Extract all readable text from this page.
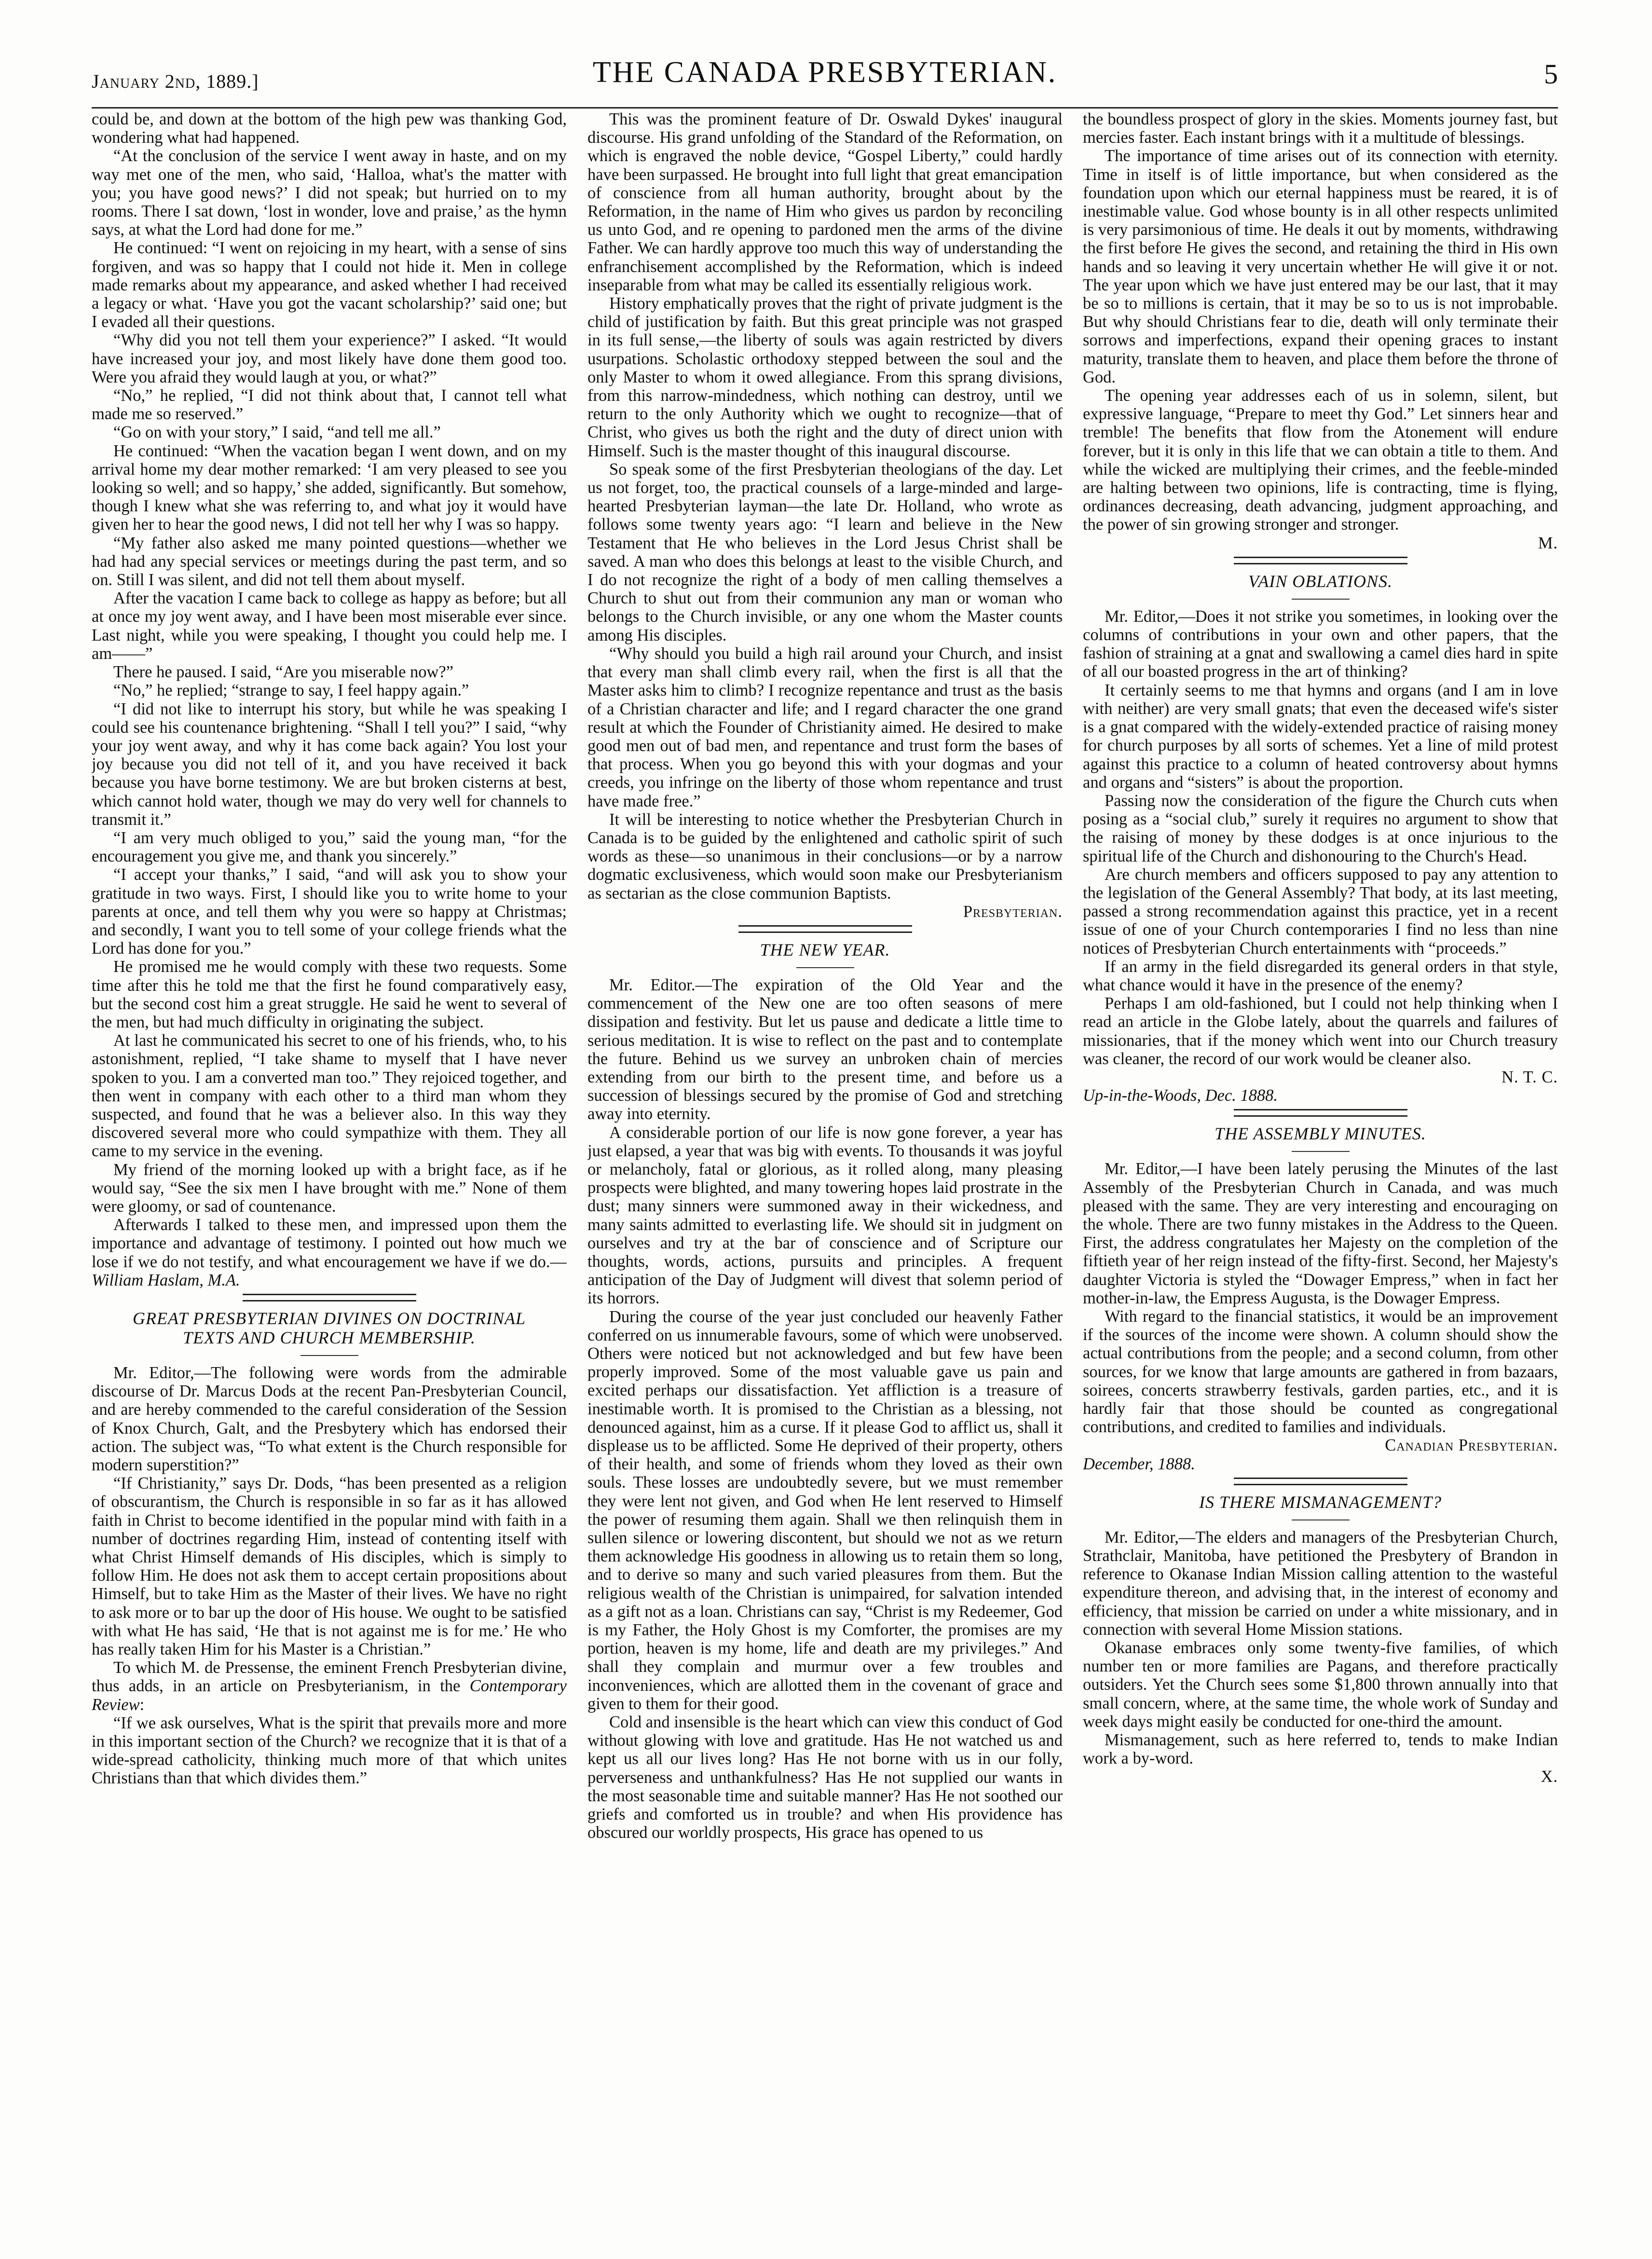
January 2nd, 1889.]	THE CANADA PRESBYTERIAN.	5

could be, and down at the bottom of the high pew was thanking God, wondering what had happened.

“At the conclusion of the service I went away in haste, and on my way met one of the men, who said, ‘Halloa, what's the matter with you; you have good news?’ I did not speak; but hurried on to my rooms. There I sat down, ‘lost in wonder, love and praise,’ as the hymn says, at what the Lord had done for me.”

He continued: “I went on rejoicing in my heart, with a sense of sins forgiven, and was so happy that I could not hide it. Men in college made remarks about my appearance, and asked whether I had received a legacy or what. ‘Have you got the vacant scholarship?’ said one; but I evaded all their questions.

“Why did you not tell them your experience?” I asked. “It would have increased your joy, and most likely have done them good too. Were you afraid they would laugh at you, or what?”

“No,” he replied, “I did not think about that, I cannot tell what made me so reserved.”

“Go on with your story,” I said, “and tell me all.”

He continued: “When the vacation began I went down, and on my arrival home my dear mother remarked: ‘I am very pleased to see you looking so well; and so happy,’ she added, significantly. But somehow, though I knew what she was referring to, and what joy it would have given her to hear the good news, I did not tell her why I was so happy.

“My father also asked me many pointed questions—whether we had had any special services or meetings during the past term, and so on. Still I was silent, and did not tell them about myself.

After the vacation I came back to college as happy as before; but all at once my joy went away, and I have been most miserable ever since. Last night, while you were speaking, I thought you could help me. I am——”

There he paused. I said, “Are you miserable now?”

“No,” he replied; “strange to say, I feel happy again.”

“I did not like to interrupt his story, but while he was speaking I could see his countenance brightening. “Shall I tell you?” I said, “why your joy went away, and why it has come back again? You lost your joy because you did not tell of it, and you have received it back because you have borne testimony. We are but broken cisterns at best, which cannot hold water, though we may do very well for channels to transmit it.”

“I am very much obliged to you,” said the young man, “for the encouragement you give me, and thank you sincerely.”

“I accept your thanks,” I said, “and will ask you to show your gratitude in two ways. First, I should like you to write home to your parents at once, and tell them why you were so happy at Christmas; and secondly, I want you to tell some of your college friends what the Lord has done for you.”

He promised me he would comply with these two requests. Some time after this he told me that the first he found comparatively easy, but the second cost him a great struggle. He said he went to several of the men, but had much difficulty in originating the subject.

At last he communicated his secret to one of his friends, who, to his astonishment, replied, “I take shame to myself that I have never spoken to you. I am a converted man too.” They rejoiced together, and then went in company with each other to a third man whom they suspected, and found that he was a believer also. In this way they discovered several more who could sympathize with them. They all came to my service in the evening.

My friend of the morning looked up with a bright face, as if he would say, “See the six men I have brought with me.” None of them were gloomy, or sad of countenance.

Afterwards I talked to these men, and impressed upon them the importance and advantage of testimony. I pointed out how much we lose if we do not testify, and what encouragement we have if we do.—William Haslam, M.A.

GREAT PRESBYTERIAN DIVINES ON DOCTRINAL TEXTS AND CHURCH MEMBERSHIP.

Mr. Editor,—The following were words from the admirable discourse of Dr. Marcus Dods at the recent Pan-Presbyterian Council, and are hereby commended to the careful consideration of the Session of Knox Church, Galt, and the Presbytery which has endorsed their action. The subject was, “To what extent is the Church responsible for modern superstition?”

“If Christianity,” says Dr. Dods, “has been presented as a religion of obscurantism, the Church is responsible in so far as it has allowed faith in Christ to become identified in the popular mind with faith in a number of doctrines regarding Him, instead of contenting itself with what Christ Himself demands of His disciples, which is simply to follow Him. He does not ask them to accept certain propositions about Himself, but to take Him as the Master of their lives. We have no right to ask more or to bar up the door of His house. We ought to be satisfied with what He has said, ‘He that is not against me is for me.’ He who has really taken Him for his Master is a Christian.”

To which M. de Pressense, the eminent French Presbyterian divine, thus adds, in an article on Presbyterianism, in the Contemporary Review:

“If we ask ourselves, What is the spirit that prevails more and more in this important section of the Church? we recognize that it is that of a wide-spread catholicity, thinking much more of that which unites Christians than that which divides them.”

This was the prominent feature of Dr. Oswald Dykes' inaugural discourse. His grand unfolding of the Standard of the Reformation, on which is engraved the noble device, “Gospel Liberty,” could hardly have been surpassed. He brought into full light that great emancipation of conscience from all human authority, brought about by the Reformation, in the name of Him who gives us pardon by reconciling us unto God, and re opening to pardoned men the arms of the divine Father. We can hardly approve too much this way of understanding the enfranchisement accomplished by the Reformation, which is indeed inseparable from what may be called its essentially religious work.

History emphatically proves that the right of private judgment is the child of justification by faith. But this great principle was not grasped in its full sense,—the liberty of souls was again restricted by divers usurpations. Scholastic orthodoxy stepped between the soul and the only Master to whom it owed allegiance. From this sprang divisions, from this narrow-mindedness, which nothing can destroy, until we return to the only Authority which we ought to recognize—that of Christ, who gives us both the right and the duty of direct union with Himself. Such is the master thought of this inaugural discourse.

So speak some of the first Presbyterian theologians of the day. Let us not forget, too, the practical counsels of a large-minded and large-hearted Presbyterian layman—the late Dr. Holland, who wrote as follows some twenty years ago: “I learn and believe in the New Testament that He who believes in the Lord Jesus Christ shall be saved. A man who does this belongs at least to the visible Church, and I do not recognize the right of a body of men calling themselves a Church to shut out from their communion any man or woman who belongs to the Church invisible, or any one whom the Master counts among His disciples.

“Why should you build a high rail around your Church, and insist that every man shall climb every rail, when the first is all that the Master asks him to climb? I recognize repentance and trust as the basis of a Christian character and life; and I regard character the one grand result at which the Founder of Christianity aimed. He desired to make good men out of bad men, and repentance and trust form the bases of that process. When you go beyond this with your dogmas and your creeds, you infringe on the liberty of those whom repentance and trust have made free.”

It will be interesting to notice whether the Presbyterian Church in Canada is to be guided by the enlightened and catholic spirit of such words as these—so unanimous in their conclusions—or by a narrow dogmatic exclusiveness, which would soon make our Presbyterianism as sectarian as the close communion Baptists.

Presbyterian.

THE NEW YEAR.

Mr. Editor.—The expiration of the Old Year and the commencement of the New one are too often seasons of mere dissipation and festivity. But let us pause and dedicate a little time to serious meditation. It is wise to reflect on the past and to contemplate the future. Behind us we survey an unbroken chain of mercies extending from our birth to the present time, and before us a succession of blessings secured by the promise of God and stretching away into eternity.

A considerable portion of our life is now gone forever, a year has just elapsed, a year that was big with events. To thousands it was joyful or melancholy, fatal or glorious, as it rolled along, many pleasing prospects were blighted, and many towering hopes laid prostrate in the dust; many sinners were summoned away in their wickedness, and many saints admitted to everlasting life. We should sit in judgment on ourselves and try at the bar of conscience and of Scripture our thoughts, words, actions, pursuits and principles. A frequent anticipation of the Day of Judgment will divest that solemn period of its horrors.

During the course of the year just concluded our heavenly Father conferred on us innumerable favours, some of which were unobserved. Others were noticed but not acknowledged and but few have been properly improved. Some of the most valuable gave us pain and excited perhaps our dissatisfaction. Yet affliction is a treasure of inestimable worth. It is promised to the Christian as a blessing, not denounced against, him as a curse. If it please God to afflict us, shall it displease us to be afflicted. Some He deprived of their property, others of their health, and some of friends whom they loved as their own souls. These losses are undoubtedly severe, but we must remember they were lent not given, and God when He lent reserved to Himself the power of resuming them again. Shall we then relinquish them in sullen silence or lowering discontent, but should we not as we return them acknowledge His goodness in allowing us to retain them so long, and to derive so many and such varied pleasures from them. But the religious wealth of the Christian is unimpaired, for salvation intended as a gift not as a loan. Christians can say, “Christ is my Redeemer, God is my Father, the Holy Ghost is my Comforter, the promises are my portion, heaven is my home, life and death are my privileges.” And shall they complain and murmur over a few troubles and inconveniences, which are allotted them in the covenant of grace and given to them for their good.

Cold and insensible is the heart which can view this conduct of God without glowing with love and gratitude. Has He not watched us and kept us all our lives long? Has He not borne with us in our folly, perverseness and unthankfulness? Has He not supplied our wants in the most seasonable time and suitable manner? Has He not soothed our griefs and comforted us in trouble? and when His providence has obscured our worldly prospects, His grace has opened to us

the boundless prospect of glory in the skies. Moments journey fast, but mercies faster. Each instant brings with it a multitude of blessings.

The importance of time arises out of its connection with eternity. Time in itself is of little importance, but when considered as the foundation upon which our eternal happiness must be reared, it is of inestimable value. God whose bounty is in all other respects unlimited is very parsimonious of time. He deals it out by moments, withdrawing the first before He gives the second, and retaining the third in His own hands and so leaving it very uncertain whether He will give it or not. The year upon which we have just entered may be our last, that it may be so to millions is certain, that it may be so to us is not improbable. But why should Christians fear to die, death will only terminate their sorrows and imperfections, expand their opening graces to instant maturity, translate them to heaven, and place them before the throne of God.

The opening year addresses each of us in solemn, silent, but expressive language, “Prepare to meet thy God.” Let sinners hear and tremble! The benefits that flow from the Atonement will endure forever, but it is only in this life that we can obtain a title to them. And while the wicked are multiplying their crimes, and the feeble-minded are halting between two opinions, life is contracting, time is flying, ordinances decreasing, death advancing, judgment approaching, and the power of sin growing stronger and stronger.

M.

VAIN OBLATIONS.

Mr. Editor,—Does it not strike you sometimes, in looking over the columns of contributions in your own and other papers, that the fashion of straining at a gnat and swallowing a camel dies hard in spite of all our boasted progress in the art of thinking?

It certainly seems to me that hymns and organs (and I am in love with neither) are very small gnats; that even the deceased wife's sister is a gnat compared with the widely-extended practice of raising money for church purposes by all sorts of schemes. Yet a line of mild protest against this practice to a column of heated controversy about hymns and organs and “sisters” is about the proportion.

Passing now the consideration of the figure the Church cuts when posing as a “social club,” surely it requires no argument to show that the raising of money by these dodges is at once injurious to the spiritual life of the Church and dishonouring to the Church's Head.

Are church members and officers supposed to pay any attention to the legislation of the General Assembly? That body, at its last meeting, passed a strong recommendation against this practice, yet in a recent issue of one of your Church contemporaries I find no less than nine notices of Presbyterian Church entertainments with “proceeds.”

If an army in the field disregarded its general orders in that style, what chance would it have in the presence of the enemy?

Perhaps I am old-fashioned, but I could not help thinking when I read an article in the Globe lately, about the quarrels and failures of missionaries, that if the money which went into our Church treasury was cleaner, the record of our work would be cleaner also.

N. T. C.

Up-in-the-Woods, Dec. 1888.

THE ASSEMBLY MINUTES.

Mr. Editor,—I have been lately perusing the Minutes of the last Assembly of the Presbyterian Church in Canada, and was much pleased with the same. They are very interesting and encouraging on the whole. There are two funny mistakes in the Address to the Queen. First, the address congratulates her Majesty on the completion of the fiftieth year of her reign instead of the fifty-first. Second, her Majesty's daughter Victoria is styled the “Dowager Empress,” when in fact her mother-in-law, the Empress Augusta, is the Dowager Empress.

With regard to the financial statistics, it would be an improvement if the sources of the income were shown. A column should show the actual contributions from the people; and a second column, from other sources, for we know that large amounts are gathered in from bazaars, soirees, concerts strawberry festivals, garden parties, etc., and it is hardly fair that those should be counted as congregational contributions, and credited to families and individuals.

Canadian Presbyterian.

December, 1888.

IS THERE MISMANAGEMENT?

Mr. Editor,—The elders and managers of the Presbyterian Church, Strathclair, Manitoba, have petitioned the Presbytery of Brandon in reference to Okanase Indian Mission calling attention to the wasteful expenditure thereon, and advising that, in the interest of economy and efficiency, that mission be carried on under a white missionary, and in connection with several Home Mission stations.

Okanase embraces only some twenty-five families, of which number ten or more families are Pagans, and therefore practically outsiders. Yet the Church sees some $1,800 thrown annually into that small concern, where, at the same time, the whole work of Sunday and week days might easily be conducted for one-third the amount.

Mismanagement, such as here referred to, tends to make Indian work a by-word.

X.
